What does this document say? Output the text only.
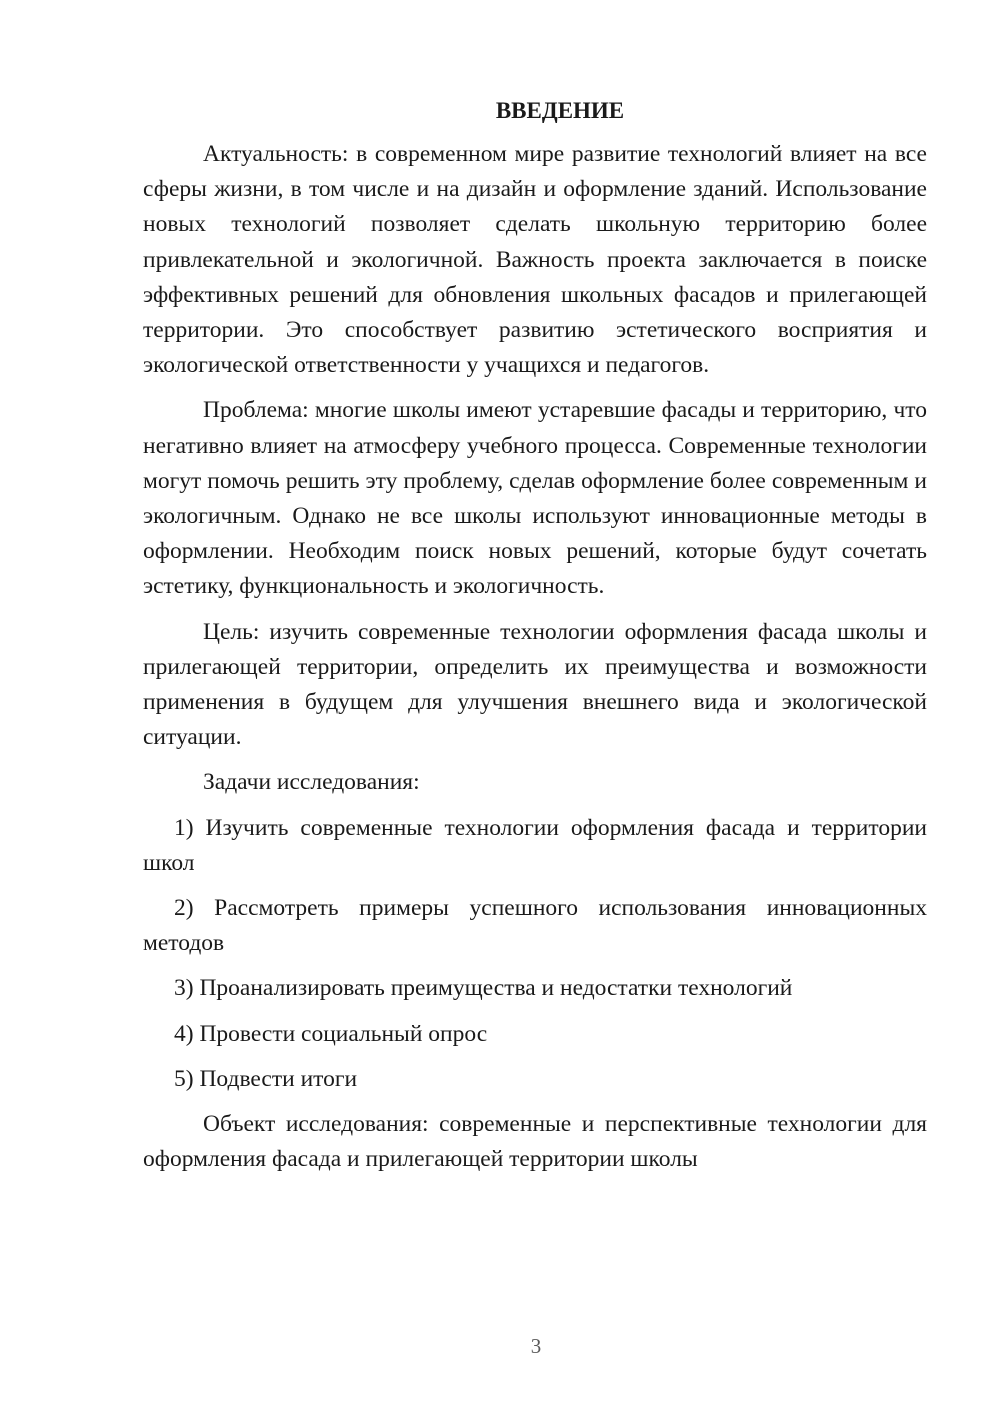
ВВЕДЕНИЕ

Актуальность: в современном мире развитие технологий влияет на все сферы жизни, в том числе и на дизайн и оформление зданий. Использование новых технологий позволяет сделать школьную территорию более привлекательной и экологичной. Важность проекта заключается в поиске эффективных решений для обновления школьных фасадов и прилегающей территории. Это способствует развитию эстетического восприятия и экологической ответственности у учащихся и педагогов.

Проблема: многие школы имеют устаревшие фасады и территорию, что негативно влияет на атмосферу учебного процесса. Современные технологии могут помочь решить эту проблему, сделав оформление более современным и экологичным. Однако не все школы используют инновационные методы в оформлении. Необходим поиск новых решений, которые будут сочетать эстетику, функциональность и экологичность.

Цель: изучить современные технологии оформления фасада школы и прилегающей территории, определить их преимущества и возможности применения в будущем для улучшения внешнего вида и экологической ситуации.

Задачи исследования:

1) Изучить современные технологии оформления фасада и территории школ

2) Рассмотреть примеры успешного использования инновационных методов

3) Проанализировать преимущества и недостатки технологий

4) Провести социальный опрос

5) Подвести итоги

Объект исследования: современные и перспективные технологии для оформления фасада и прилегающей территории школы

3
